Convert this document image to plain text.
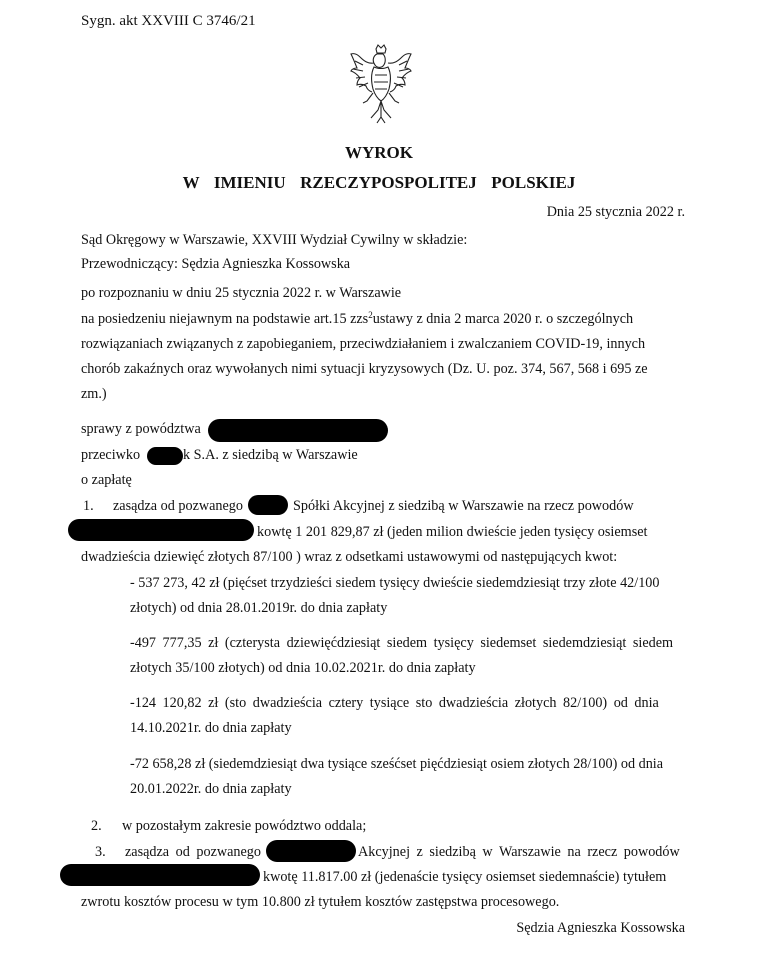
Sygn. akt XXVIII C 3746/21
WYROK
W  IMIENIU  RZECZYPOSPOLITEJ  POLSKIEJ
Dnia 25 stycznia 2022 r.
Sąd Okręgowy w Warszawie, XXVIII Wydział Cywilny w składzie:
Przewodniczący: Sędzia Agnieszka Kossowska
po rozpoznaniu w dniu 25 stycznia 2022 r. w Warszawie
na posiedzeniu niejawnym na podstawie art.15 zzs$^2$ustawy z dnia 2 marca 2020 r. o szczególnych
rozwiązaniach związanych z zapobieganiem, przeciwdziałaniem i zwalczaniem COVID-19, innych
chorób zakaźnych oraz wywołanych nimi sytuacji kryzysowych (Dz. U. poz. 374, 567, 568 i 695 ze
zm.)
sprawy z powództwa
przeciwko	k S.A. z siedzibą w Warszawie
o zapłatę
1. zasądza od pozwanego	Spółki Akcyjnej z siedzibą w Warszawie na rzecz powodów
kowtę 1 201 829,87 zł (jeden milion dwieście jeden tysięcy osiemset
dwadzieścia dziewięć złotych 87/100 ) wraz z odsetkami ustawowymi od następujących kwot:
- 537 273, 42 zł (pięćset trzydzieści siedem tysięcy dwieście siedemdziesiąt trzy złote 42/100
złotych) od dnia 28.01.2019r. do dnia zapłaty
-497 777,35 zł (czterysta dziewięćdziesiąt siedem tysięcy siedemset siedemdziesiąt siedem
złotych 35/100 złotych) od dnia 10.02.2021r. do dnia zapłaty
-124 120,82 zł (sto dwadzieścia cztery tysiące sto dwadzieścia złotych 82/100) od dnia
14.10.2021r. do dnia zapłaty
-72 658,28 zł (siedemdziesiąt dwa tysiące sześćset pięćdziesiąt osiem złotych 28/100) od dnia
20.01.2022r. do dnia zapłaty
2. w pozostałym zakresie powództwo oddala;
3. zasądza od pozwanego	Akcyjnej z siedzibą w Warszawie na rzecz powodów
kwotę 11.817.00 zł (jedenaście tysięcy osiemset siedemnaście) tytułem
zwrotu kosztów procesu w tym 10.800 zł tytułem kosztów zastępstwa procesowego.
Sędzia Agnieszka Kossowska
